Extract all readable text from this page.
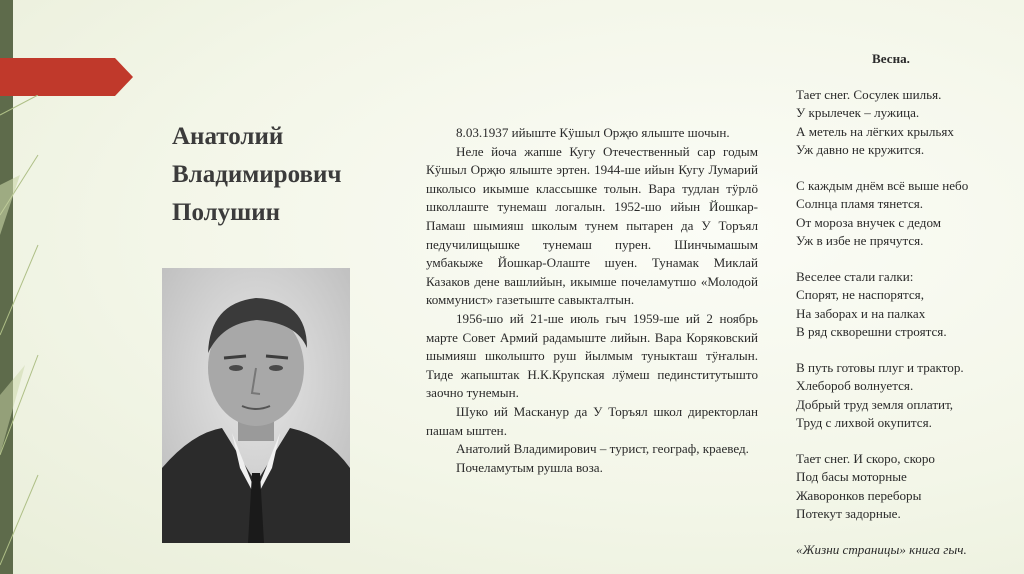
Анатолий
Владимирович
Полушин

8.03.1937 ийыште Кӱшыл Орҗю ялыште шочын.

Неле йоча жапше Кугу Отечественный сар годым Кӱшыл Орҗю ялыште эртен. 1944-ше ийын Кугу Лумарий школысо икымше классышке толын. Вара тудлан тӱрлӧ школлаште тунемаш логалын. 1952-шо ийын Йошкар-Памаш шымияш школым тунем пытарен да У Торъял педучилищышке тунемаш пурен. Шинчымашым умбакыже Йошкар-Олаште шуен. Тунамак Миклай Казаков дене вашлийын, икымше почеламутшо «Молодой коммунист» газетыште савыкталтын.

1956-шо ий 21-ше июль гыч 1959-ше ий 2 ноябрь марте Совет Армий радамыште лийын. Вара Коряковский шымияш школышто руш йылмым туныкташ тӱҥалын. Тиде жапыштак Н.К.Крупская лӱмеш пединститутышто заочно тунемын.

Шуко ий Масканур да У Торъял школ директорлан пашам ыштен.

Анатолий Владимирович – турист, географ, краевед.

Почеламутым рушла воза.

Весна.
Тает снег. Сосулек шилья.
У крылечек – лужица.
А метель на лёгких крыльях
Уж давно не кружится.
С каждым днём всё выше небо
Солнца пламя тянется.
От мороза внучек с дедом
Уж в избе не прячутся.
Веселее стали галки:
Спорят, не наспорятся,
На заборах и на палках
В ряд скворешни строятся.
В путь готовы плуг и трактор.
Хлебороб волнуется.
Добрый труд земля оплатит,
Труд с лихвой окупится.
Тает снег. И скоро, скоро
Под басы моторные
Жаворонков переборы
Потекут задорные.
«Жизни страницы» книга гыч.
